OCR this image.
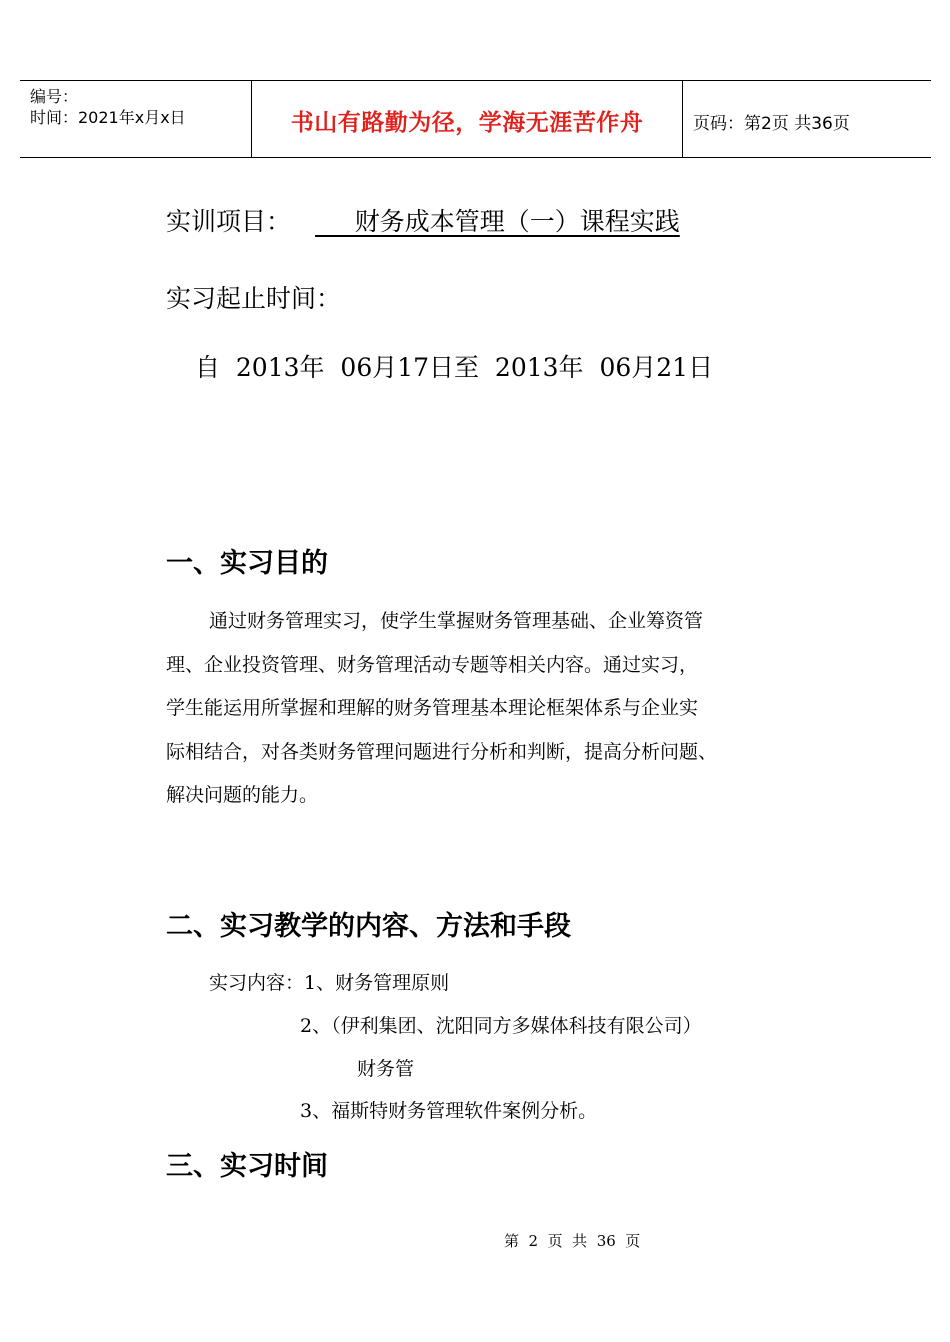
编号：
时间：2021年x月x日	书山有路勤为径，学海无涯苦作舟	页码：第2页 共36页
实训项目：     财务成本管理（一）课程实践
实习起止时间：
自  2013年  06月17日至  2013年  06月21日
一、实习目的
通过财务管理实习，使学生掌握财务管理基础、企业筹资管
理、企业投资管理、财务管理活动专题等相关内容。通过实习，
学生能运用所掌握和理解的财务管理基本理论框架体系与企业实
际相结合，对各类财务管理问题进行分析和判断，提高分析问题、
解决问题的能力。
二、实习教学的内容、方法和手段
实习内容：1、财务管理原则
2、（伊利集团、沈阳同方多媒体科技有限公司）
财务管
3、福斯特财务管理软件案例分析。
三、实习时间
第  2  页  共  36  页
